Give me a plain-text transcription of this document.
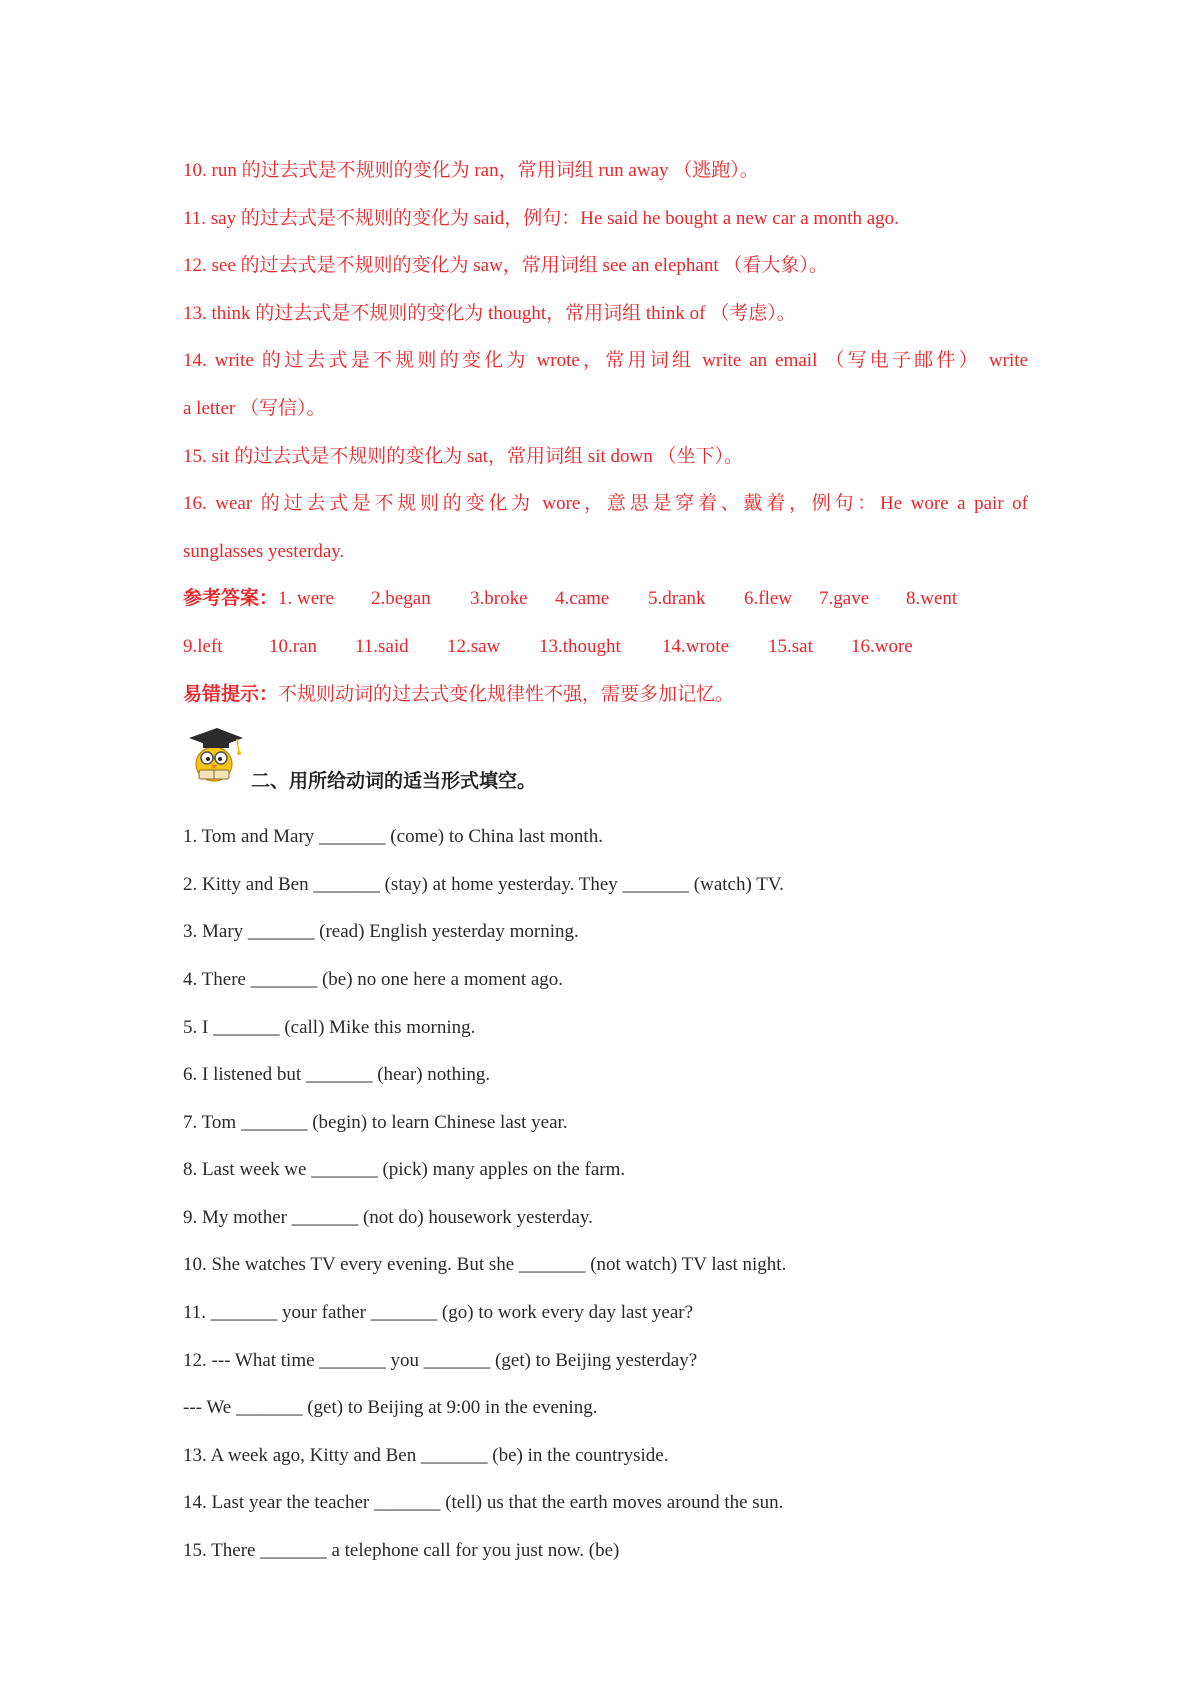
10. run 的过去式是不规则的变化为 ran，常用词组 run away （逃跑）。
11. say 的过去式是不规则的变化为 said，例句：He said he bought a new car a month ago.
12. see 的过去式是不规则的变化为 saw，常用词组 see an elephant （看大象）。
13. think 的过去式是不规则的变化为 thought，常用词组 think of （考虑）。
14. write 的过去式是不规则的变化为 wrote，常用词组 write an email （写电子邮件） write
a letter （写信）。
15. sit 的过去式是不规则的变化为 sat，常用词组 sit down （坐下）。
16. wear 的过去式是不规则的变化为 wore，意思是穿着、戴着，例句：He wore a pair of
sunglasses yesterday.
参考答案：1. were 2.began 3.broke 4.came 5.drank 6.flew 7.gave 8.went
9.left 10.ran 11.said 12.saw 13.thought 14.wrote 15.sat 16.wore
易错提示：不规则动词的过去式变化规律性不强，需要多加记忆。
二、用所给动词的适当形式填空。
1. Tom and Mary _______ (come) to China last month.
2. Kitty and Ben _______ (stay) at home yesterday. They _______ (watch) TV.
3. Mary _______ (read) English yesterday morning.
4. There _______ (be) no one here a moment ago.
5. I _______ (call) Mike this morning.
6. I listened but _______ (hear) nothing.
7. Tom _______ (begin) to learn Chinese last year.
8. Last week we _______ (pick) many apples on the farm.
9. My mother _______ (not do) housework yesterday.
10. She watches TV every evening. But she _______ (not watch) TV last night.
11. _______ your father _______ (go) to work every day last year?
12. --- What time _______ you _______ (get) to Beijing yesterday?
--- We _______ (get) to Beijing at 9:00 in the evening.
13. A week ago, Kitty and Ben _______ (be) in the countryside.
14. Last year the teacher _______ (tell) us that the earth moves around the sun.
15. There _______ a telephone call for you just now. (be)
